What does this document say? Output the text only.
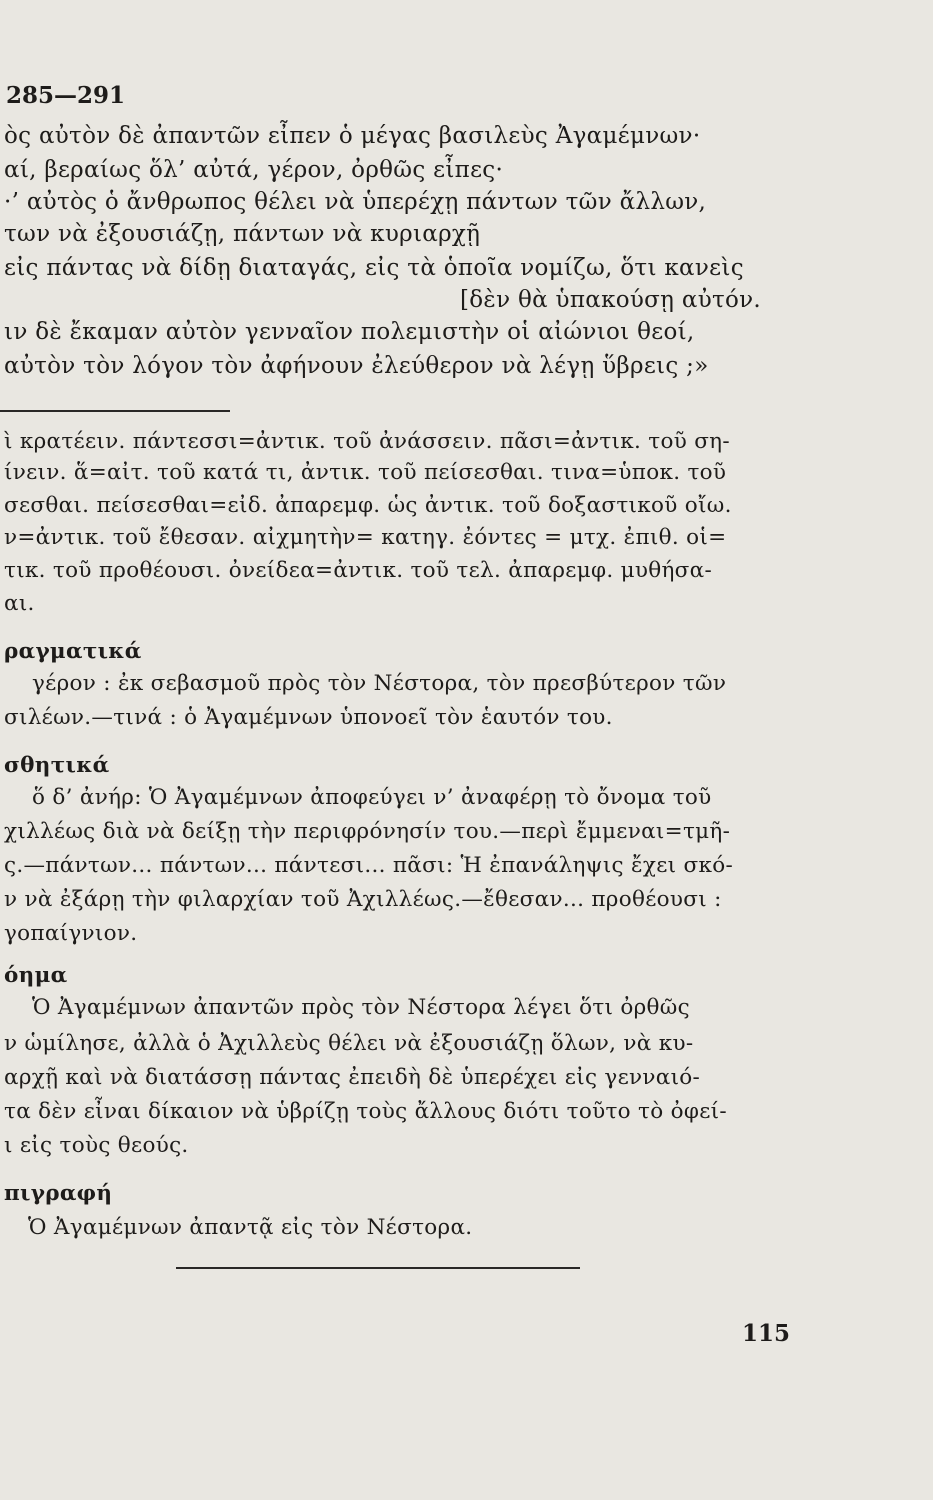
285—291
ὸς αὐτὸν δὲ ἀπαντῶν εἶπεν ὁ μέγας βασιλεὺς Ἀγαμέμνων·
αί, βεραίως ὅλ’ αὐτά, γέρον, ὀρθῶς εἶπες·
·’ αὐτὸς ὁ ἄνθρωπος θέλει νὰ ὑπερέχῃ πάντων τῶν ἄλλων,
των νὰ ἐξουσιάζῃ, πάντων νὰ κυριαρχῇ
εἰς πάντας νὰ δίδῃ διαταγάς, εἰς τὰ ὁποῖα νομίζω, ὅτι κανεὶς
[δὲν θὰ ὑπακούσῃ αὐτόν.
ιν δὲ ἔκαμαν αὐτὸν γενναῖον πολεμιστὴν οἱ αἰώνιοι θεοί,
αὐτὸν τὸν λόγον τὸν ἀφήνουν ἐλεύθερον νὰ λέγῃ ὕβρεις ;»
ὶ κρατέειν. πάντεσσι=ἀντικ. τοῦ ἀνάσσειν. πᾶσι=ἀντικ. τοῦ ση-
ίνειν. ἅ=αἰτ. τοῦ κατά τι, ἀντικ. τοῦ πείσεσθαι. τινα=ὑποκ. τοῦ
σεσθαι. πείσεσθαι=εἰδ. ἀπαρεμφ. ὡς ἀντικ. τοῦ δοξαστικοῦ οἴω.
ν=ἀντικ. τοῦ ἔθεσαν. αἰχμητὴν= κατηγ. ἐόντες = μτχ. ἐπιθ. οἱ=
τικ. τοῦ προθέουσι. ὀνείδεα=ἀντικ. τοῦ τελ. ἀπαρεμφ. μυθήσα-
αι.
ραγματικά
γέρον : ἐκ σεβασμοῦ πρὸς τὸν Νέστορα, τὸν πρεσβύτερον τῶν
σιλέων.—τινά : ὁ Ἀγαμέμνων ὑπονοεῖ τὸν ἑαυτόν του.
σθητικά
ὅ δ’ ἀνήρ: Ὁ Ἀγαμέμνων ἀποφεύγει ν’ ἀναφέρῃ τὸ ὄνομα τοῦ
χιλλέως διὰ νὰ δείξῃ τὴν περιφρόνησίν του.—περὶ ἔμμεναι=τμῆ-
ς.—πάντων... πάντων... πάντεσι... πᾶσι: Ἡ ἐπανάληψις ἔχει σκό-
ν νὰ ἐξάρῃ τὴν φιλαρχίαν τοῦ Ἀχιλλέως.—ἔθεσαν... προθέουσι :
γοπαίγνιον.
όημα
Ὁ Ἀγαμέμνων ἀπαντῶν πρὸς τὸν Νέστορα λέγει ὅτι ὀρθῶς
ν ὡμίλησε, ἀλλὰ ὁ Ἀχιλλεὺς θέλει νὰ ἐξουσιάζῃ ὅλων, νὰ κυ-
αρχῇ καὶ νὰ διατάσσῃ πάντας ἐπειδὴ δὲ ὑπερέχει εἰς γενναιό-
τα δὲν εἶναι δίκαιον νὰ ὑβρίζῃ τοὺς ἄλλους διότι τοῦτο τὸ ὀφεί-
ι εἰς τοὺς θεούς.
πιγραφή
Ὁ Ἀγαμέμνων ἀπαντᾷ εἰς τὸν Νέστορα.
115
